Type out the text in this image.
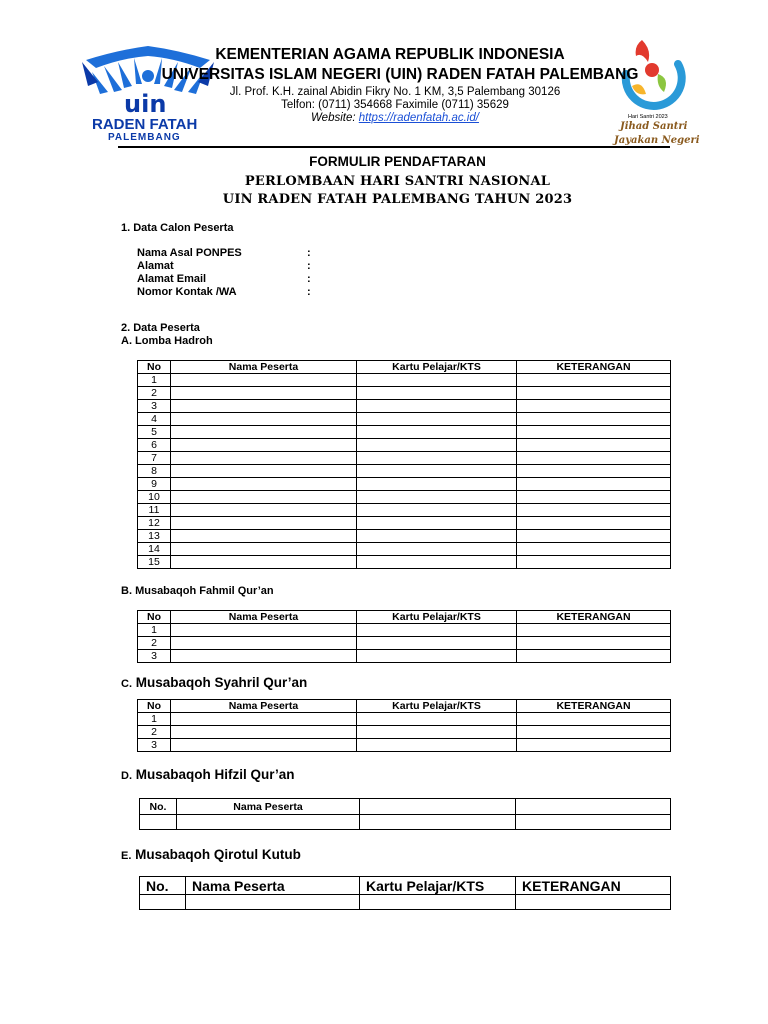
uin
RADEN FATAH
PALEMBANG
Hari Santri 2023
Jihad Santri
Jayakan Negeri
KEMENTERIAN AGAMA REPUBLIK INDONESIA
UNIVERSITAS ISLAM NEGERI (UIN) RADEN FATAH PALEMBANG
Jl. Prof. K.H. zainal Abidin Fikry No. 1 KM, 3,5 Palembang 30126
Telfon: (0711) 354668 Faximile (0711) 35629
Website: https://radenfatah.ac.id/
FORMULIR PENDAFTARAN
PERLOMBAAN HARI SANTRI NASIONAL
UIN RADEN FATAH PALEMBANG TAHUN 2023
1. Data Calon Peserta
Nama Asal PONPES	:
Alamat	:
Alamat Email	:
Nomor Kontak /WA	:
2. Data Peserta
A. Lomba Hadroh
No	Nama Peserta	Kartu Pelajar/KTS	KETERANGAN
1			
2			
3			
4			
5			
6			
7			
8			
9			
10			
11			
12			
13			
14			
15			
B. Musabaqoh Fahmil Qur’an
No	Nama Peserta	Kartu Pelajar/KTS	KETERANGAN
1			
2			
3			
C. Musabaqoh Syahril Qur’an
No	Nama Peserta	Kartu Pelajar/KTS	KETERANGAN
1			
2			
3			
D. Musabaqoh Hifzil Qur’an
No.	Nama Peserta		

E. Musabaqoh Qirotul Kutub
No.	Nama Peserta	Kartu Pelajar/KTS	KETERANGAN
